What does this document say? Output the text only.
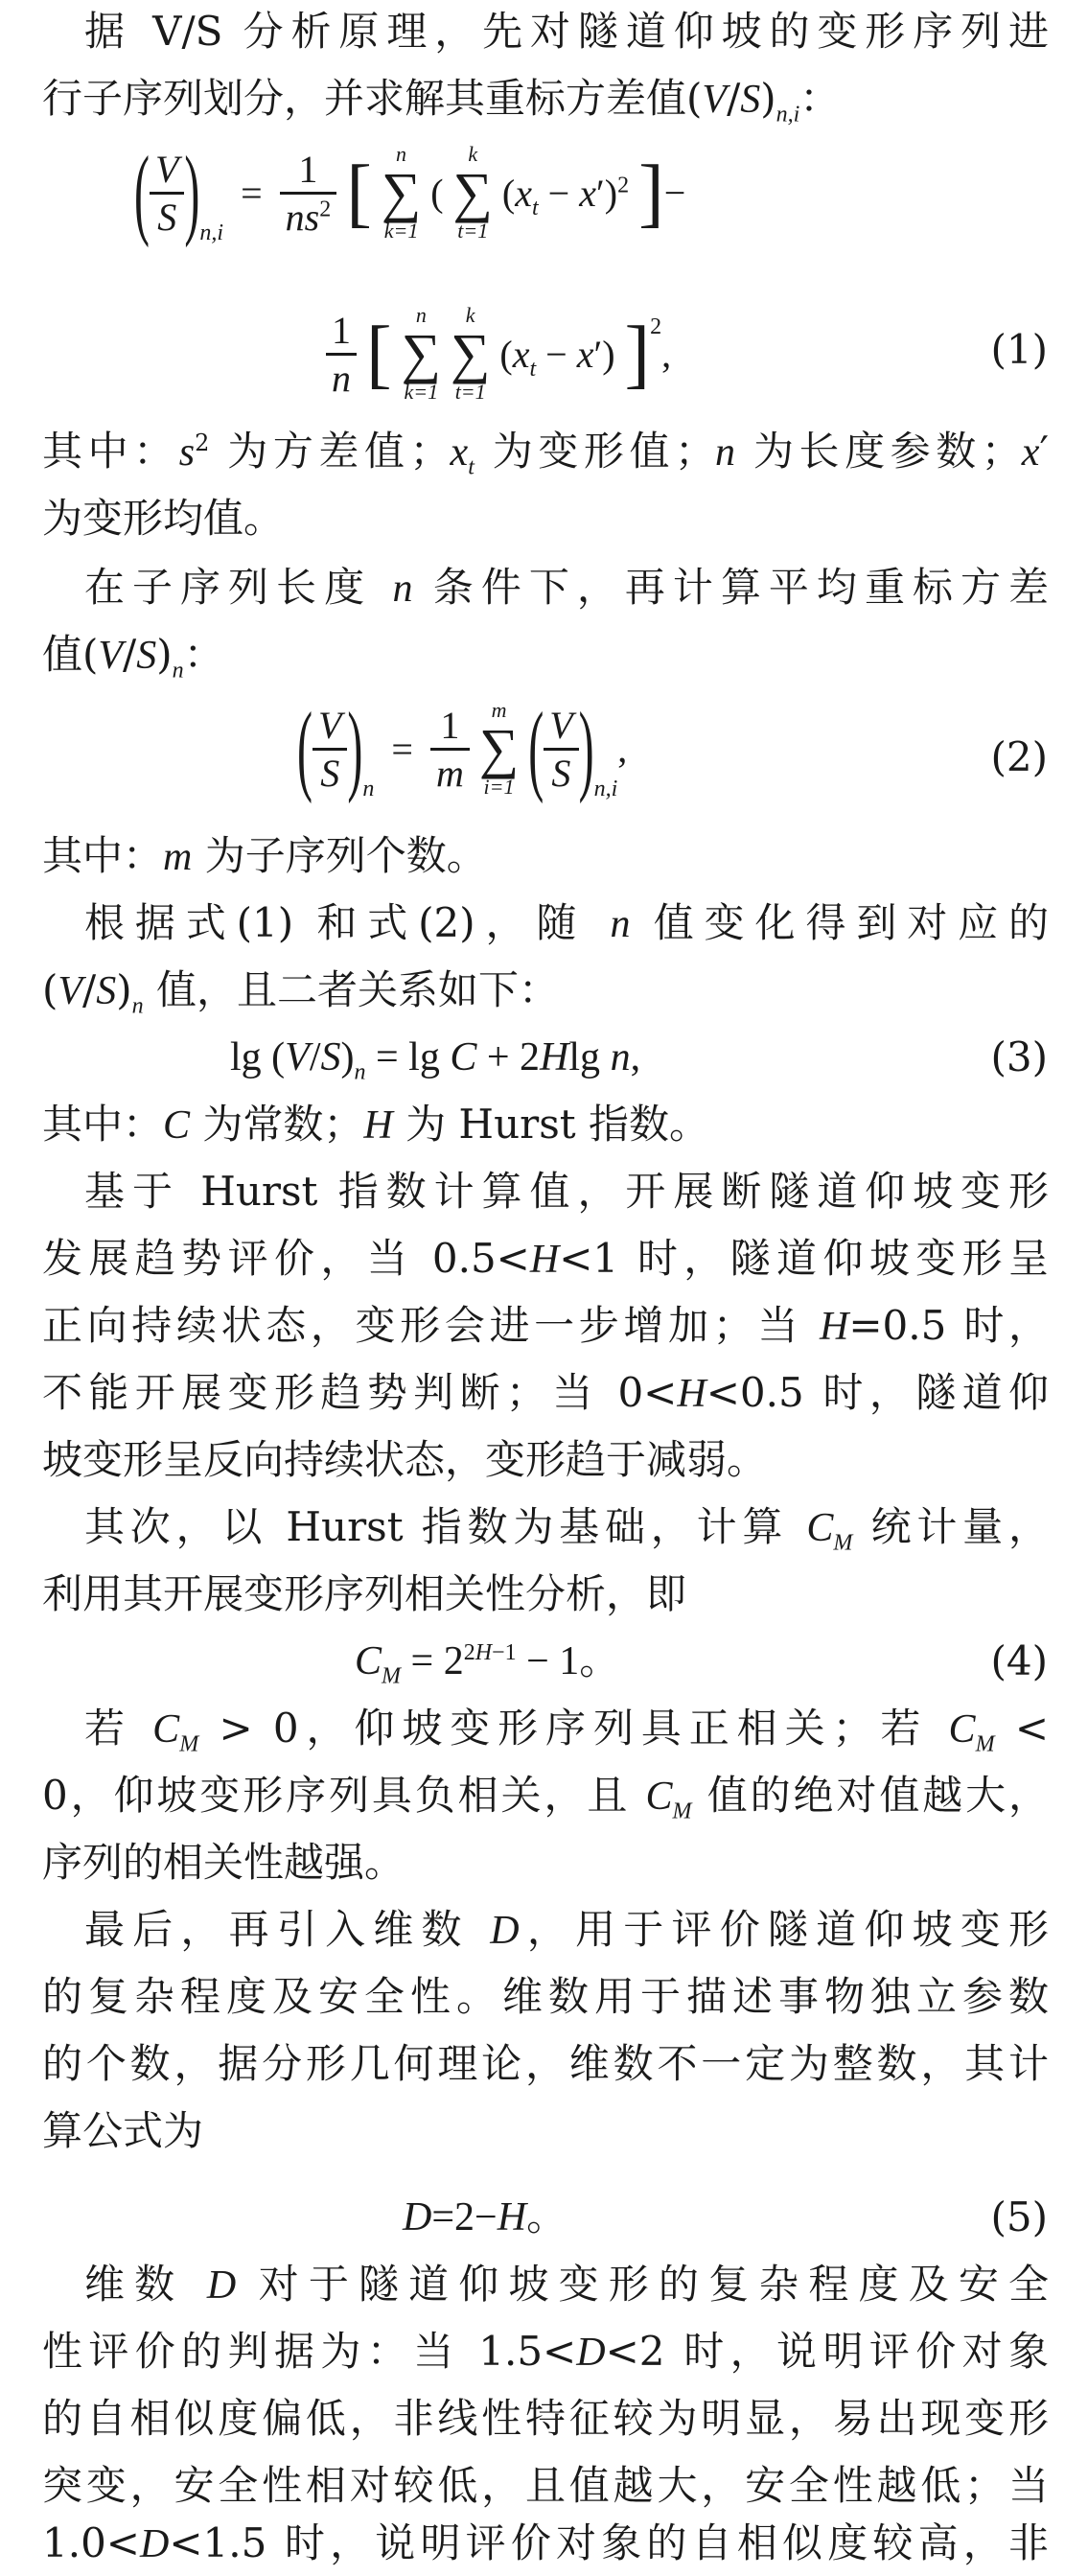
据 V/S 分析原理，先对隧道仰坡的变形序列进
行子序列划分，并求解其重标方差值$(V/S)_{n,i}$：
( $\frac{V}{S} )_{n,i} = \frac{1}{ns^2}$ [	n
∑
k=1
(
k
∑
t=1
$(x_t - x')^2$ ]−
$\frac{1}{n}$ [	n
∑
k=1

k
∑
t=1
$(x_t - x')$ ]$^2$,	(1)
其中：$s^2$ 为方差值；$x_t$ 为变形值；n 为长度参数；x′
为变形均值。
在子序列长度 n 条件下，再计算平均重标方差
值$(V/S)_n$：
( $\frac{V}{S} )_n = \frac{1}{m}$
	m
∑
i=1 ( $\frac{V}{S} )_{n,i}$,	(2)
其中：m 为子序列个数。
根据式(1) 和式(2)，随 n 值变化得到对应的
$(V/S)_n$ 值，且二者关系如下：
$\lg (V/S)_n = \lg C + 2Hlg$ n,	(3)
其中：C 为常数；H 为 Hurst 指数。
基于 Hurst 指数计算值，开展断隧道仰坡变形
发展趋势评价，当 0.5<H<1 时，隧道仰坡变形呈
正向持续状态，变形会进一步增加；当 H=0.5 时，
不能开展变形趋势判断；当 0<H<0.5 时，隧道仰
坡变形呈反向持续状态，变形趋于减弱。
其次，以 Hurst 指数为基础，计算 $C_M$ 统计量，
利用其开展变形序列相关性分析，即
$C_M = 2^{2H-1} - 1$。	(4)
若 $C_M > 0$，仰坡变形序列具正相关；若 $C_M$ <
0，仰坡变形序列具负相关，且 $C_M$ 值的绝对值越大，
序列的相关性越强。
最后，再引入维数 D，用于评价隧道仰坡变形
的复杂程度及安全性。维数用于描述事物独立参数
的个数，据分形几何理论，维数不一定为整数，其计
算公式为
D=2−H。	(5)
维数 D 对于隧道仰坡变形的复杂程度及安全
性评价的判据为：当 1.5<D<2 时，说明评价对象
的自相似度偏低，非线性特征较为明显，易出现变形
突变，安全性相对较低，且值越大，安全性越低；当
1.0<D<1.5 时，说明评价对象的自相似度较高，非
